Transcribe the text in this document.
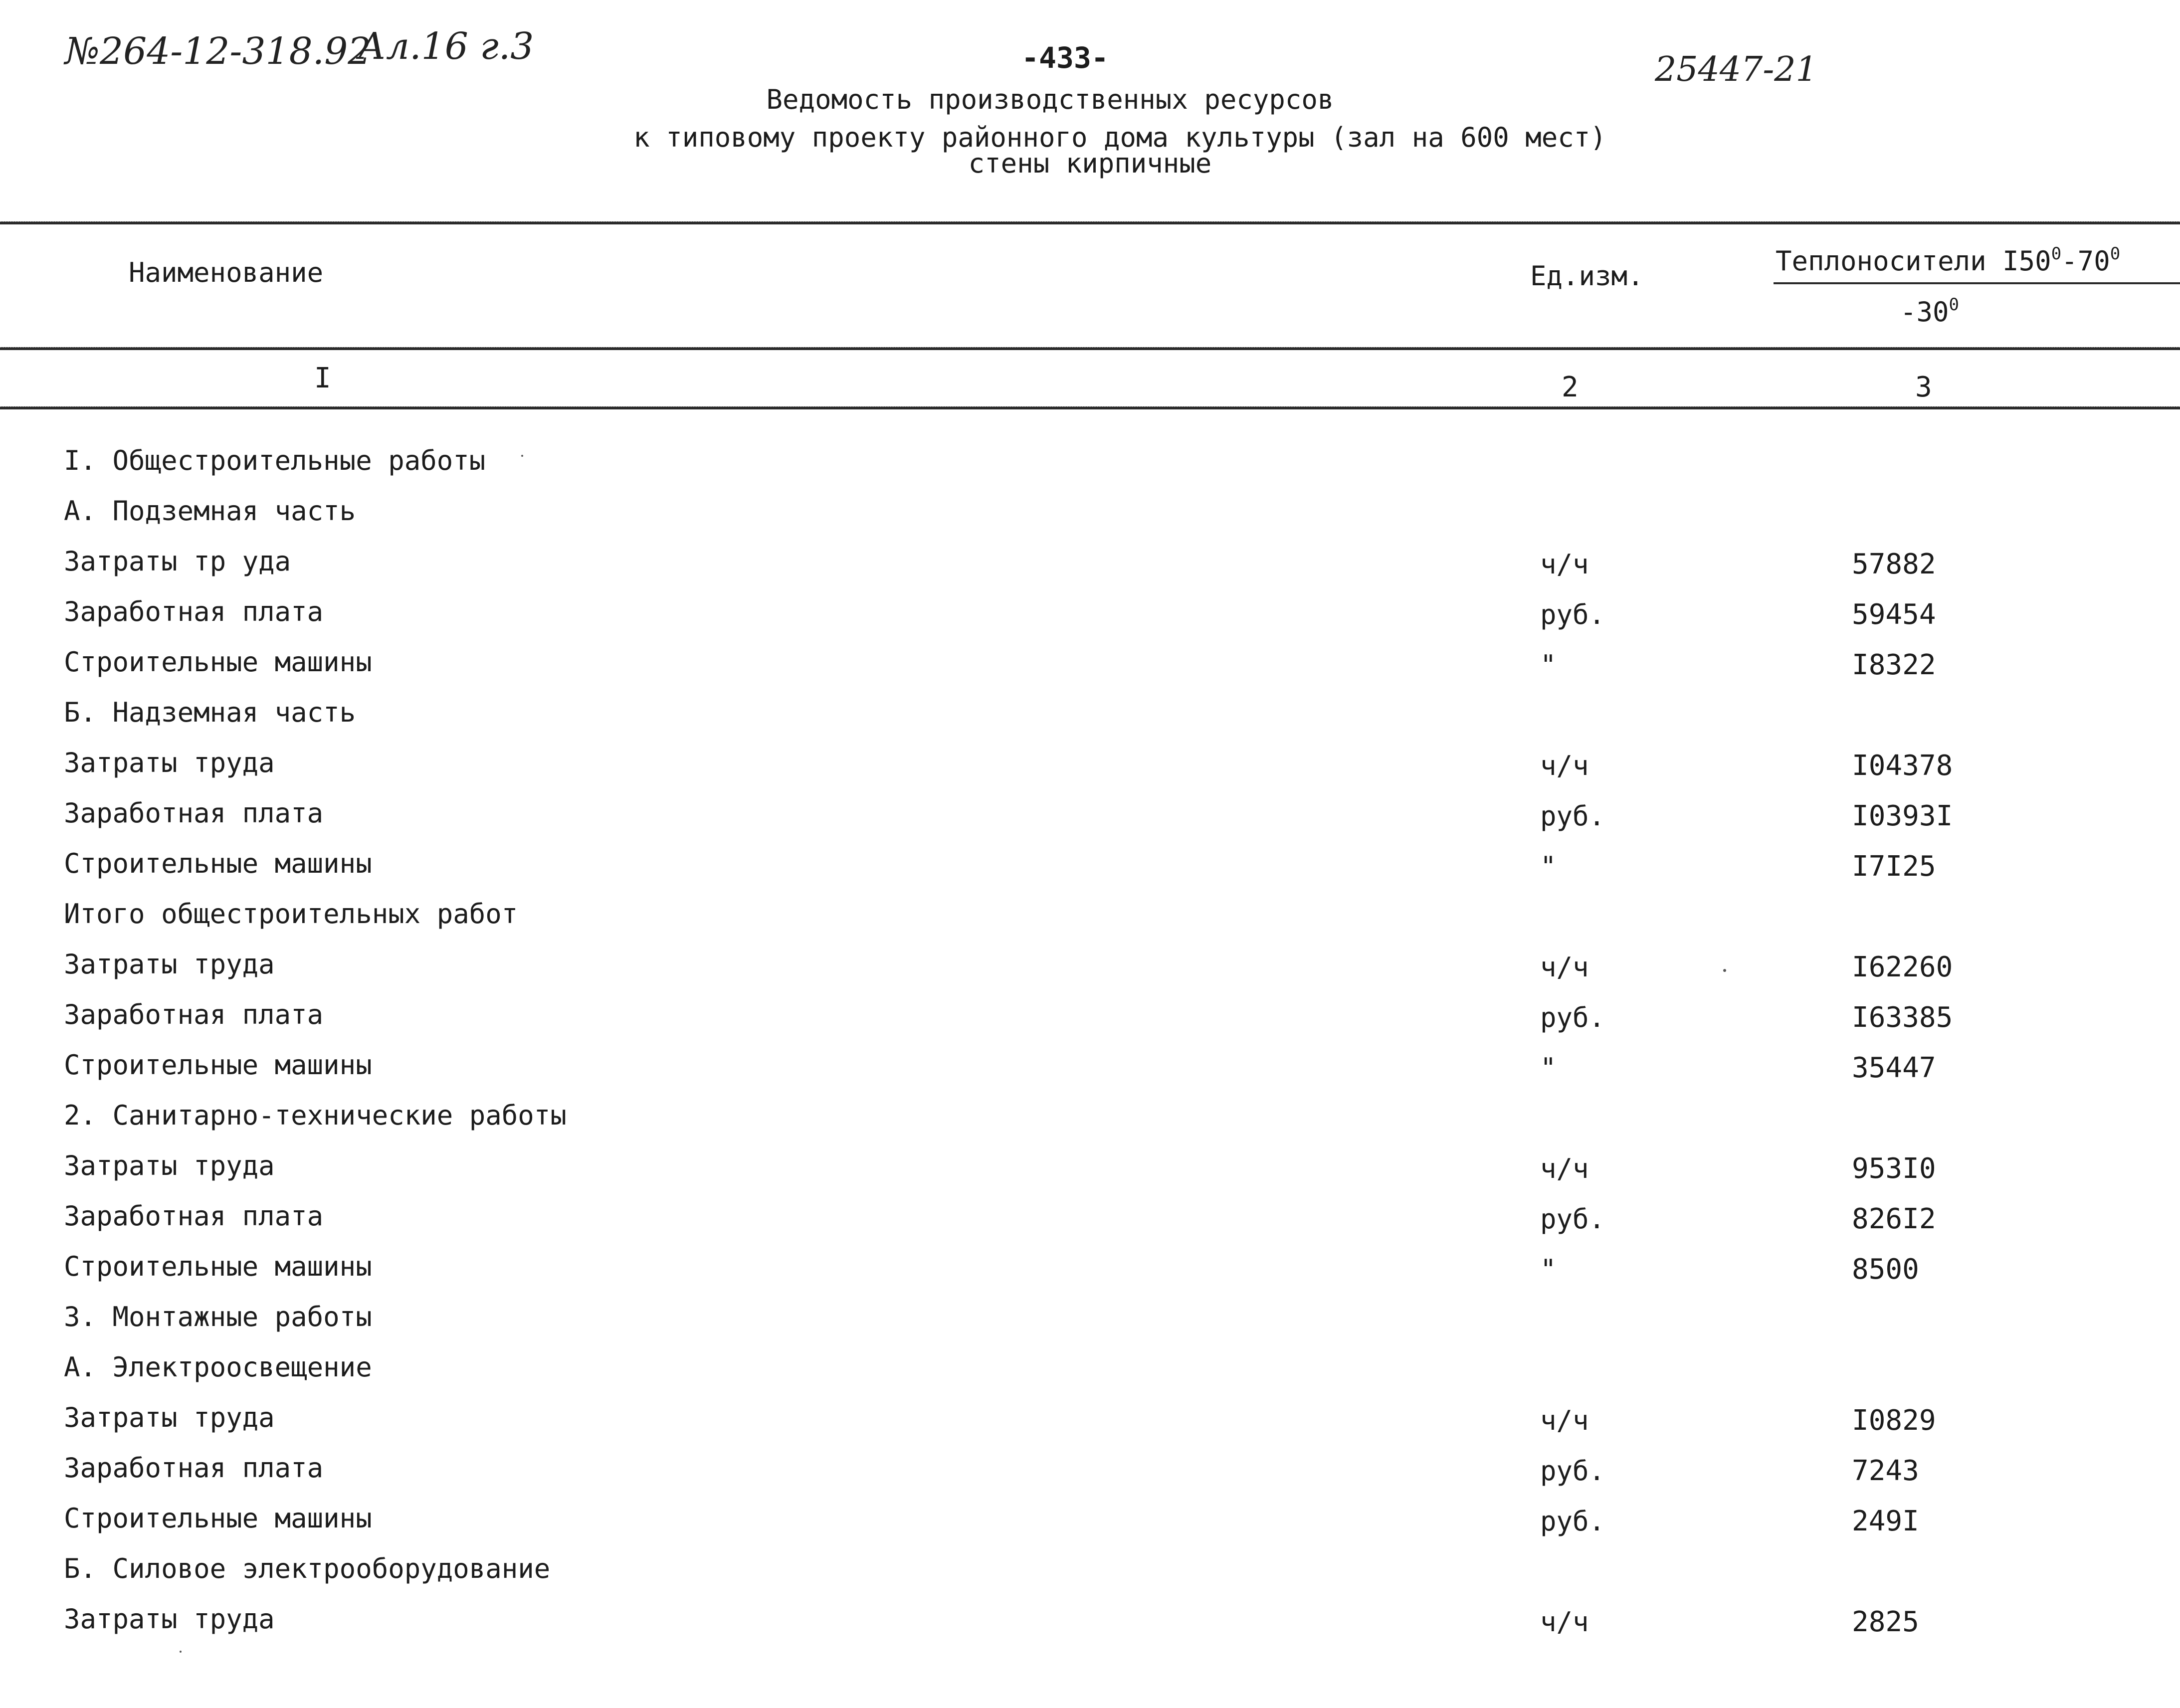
№264-12-318.92
Ал.16 г.3
25447-21
-433-
Ведомость производственных ресурсов
к типовому проекту районного дома культуры (зал на 600 мест)
стены кирпичные
Наименование	Ед.изм.	Теплоносители $I50^0-70^0$
$-30^0$
I	2	3
I. Общестроительные работы
А. Подземная часть
Затраты тр уда	ч/ч	57882
Заработная плата	руб.	59454
Строительные машины	"	I8322
Б. Надземная часть
Затраты труда	ч/ч	I04378
Заработная плата	руб.	I0393I
Строительные машины	"	I7I25
Итого общестроительных работ
Затраты труда	ч/ч	I62260
Заработная плата	руб.	I63385
Строительные машины	"	35447
2. Санитарно-технические работы
Затраты труда	ч/ч	953I0
Заработная плата	руб.	826I2
Строительные машины	"	8500
3. Монтажные работы
А. Электроосвещение
Затраты труда	ч/ч	I0829
Заработная плата	руб.	7243
Строительные машины	руб.	249I
Б. Силовое электрооборудование
Затраты труда	ч/ч	2825
